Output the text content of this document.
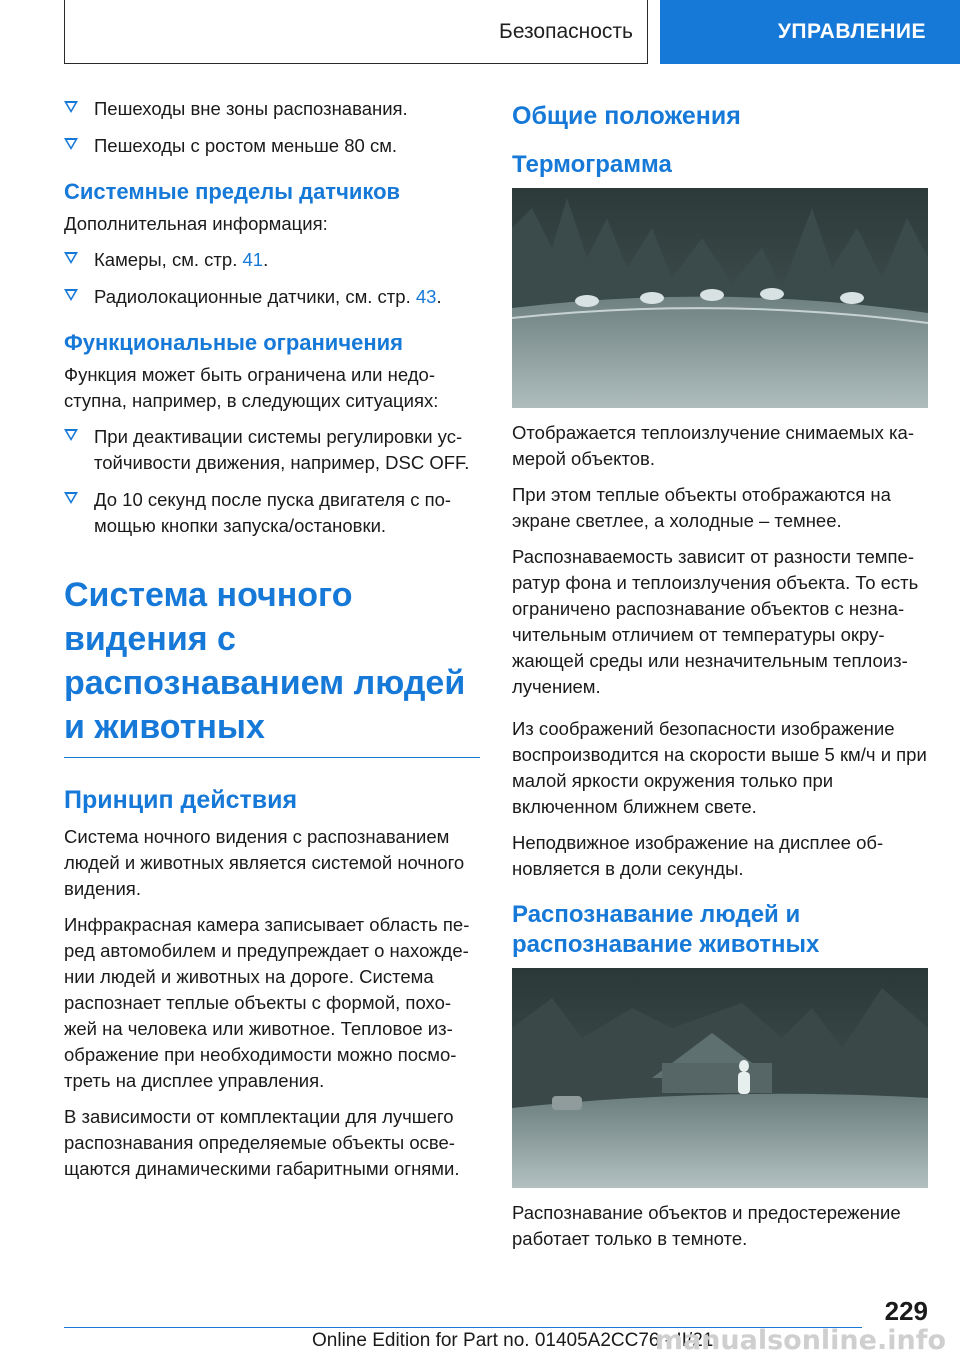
Безопасность	УПРАВЛЕНИЕ
Пешеходы вне зоны распознавания.
Пешеходы с ростом меньше 80 см.
Системные пределы датчиков
Дополнительная информация:
Камеры, см. стр. 41.
Радиолокационные датчики, см. стр. 43.
Функциональные ограничения
Функция может быть ограничена или недо-ступна, например, в следующих ситуациях:
При деактивации системы регулировки ус-тойчивости движения, например, DSC OFF.
До 10 секунд после пуска двигателя с по-мощью кнопки запуска/остановки.
Система ночного видения с распознаванием людей и животных
Принцип действия
Система ночного видения с распознаванием людей и животных является системой ночного видения.
Инфракрасная камера записывает область пе-ред автомобилем и предупреждает о нахожде-нии людей и животных на дороге. Система распознает теплые объекты с формой, похо-жей на человека или животное. Тепловое из-ображение при необходимости можно посмо-треть на дисплее управления.
В зависимости от комплектации для лучшего распознавания определяемые объекты осве-щаются динамическими габаритными огнями.
Общие положения
Термограмма
Отображается теплоизлучение снимаемых ка-мерой объектов.
При этом теплые объекты отображаются на экране светлее, а холодные – темнее.
Распознаваемость зависит от разности темпе-ратур фона и теплоизлучения объекта. То есть ограничено распознавание объектов с незна-чительным отличием от температуры окру-жающей среды или незначительным теплоиз-лучением.
Из соображений безопасности изображение воспроизводится на скорости выше 5 км/ч и при малой яркости окружения только при включенном ближнем свете.
Неподвижное изображение на дисплее об-новляется в доли секунды.
Распознавание людей и распознавание животных
Распознавание объектов и предостережение работает только в темноте.
229
Online Edition for Part no. 01405A2CC76 - II/21
manualsonline.info
